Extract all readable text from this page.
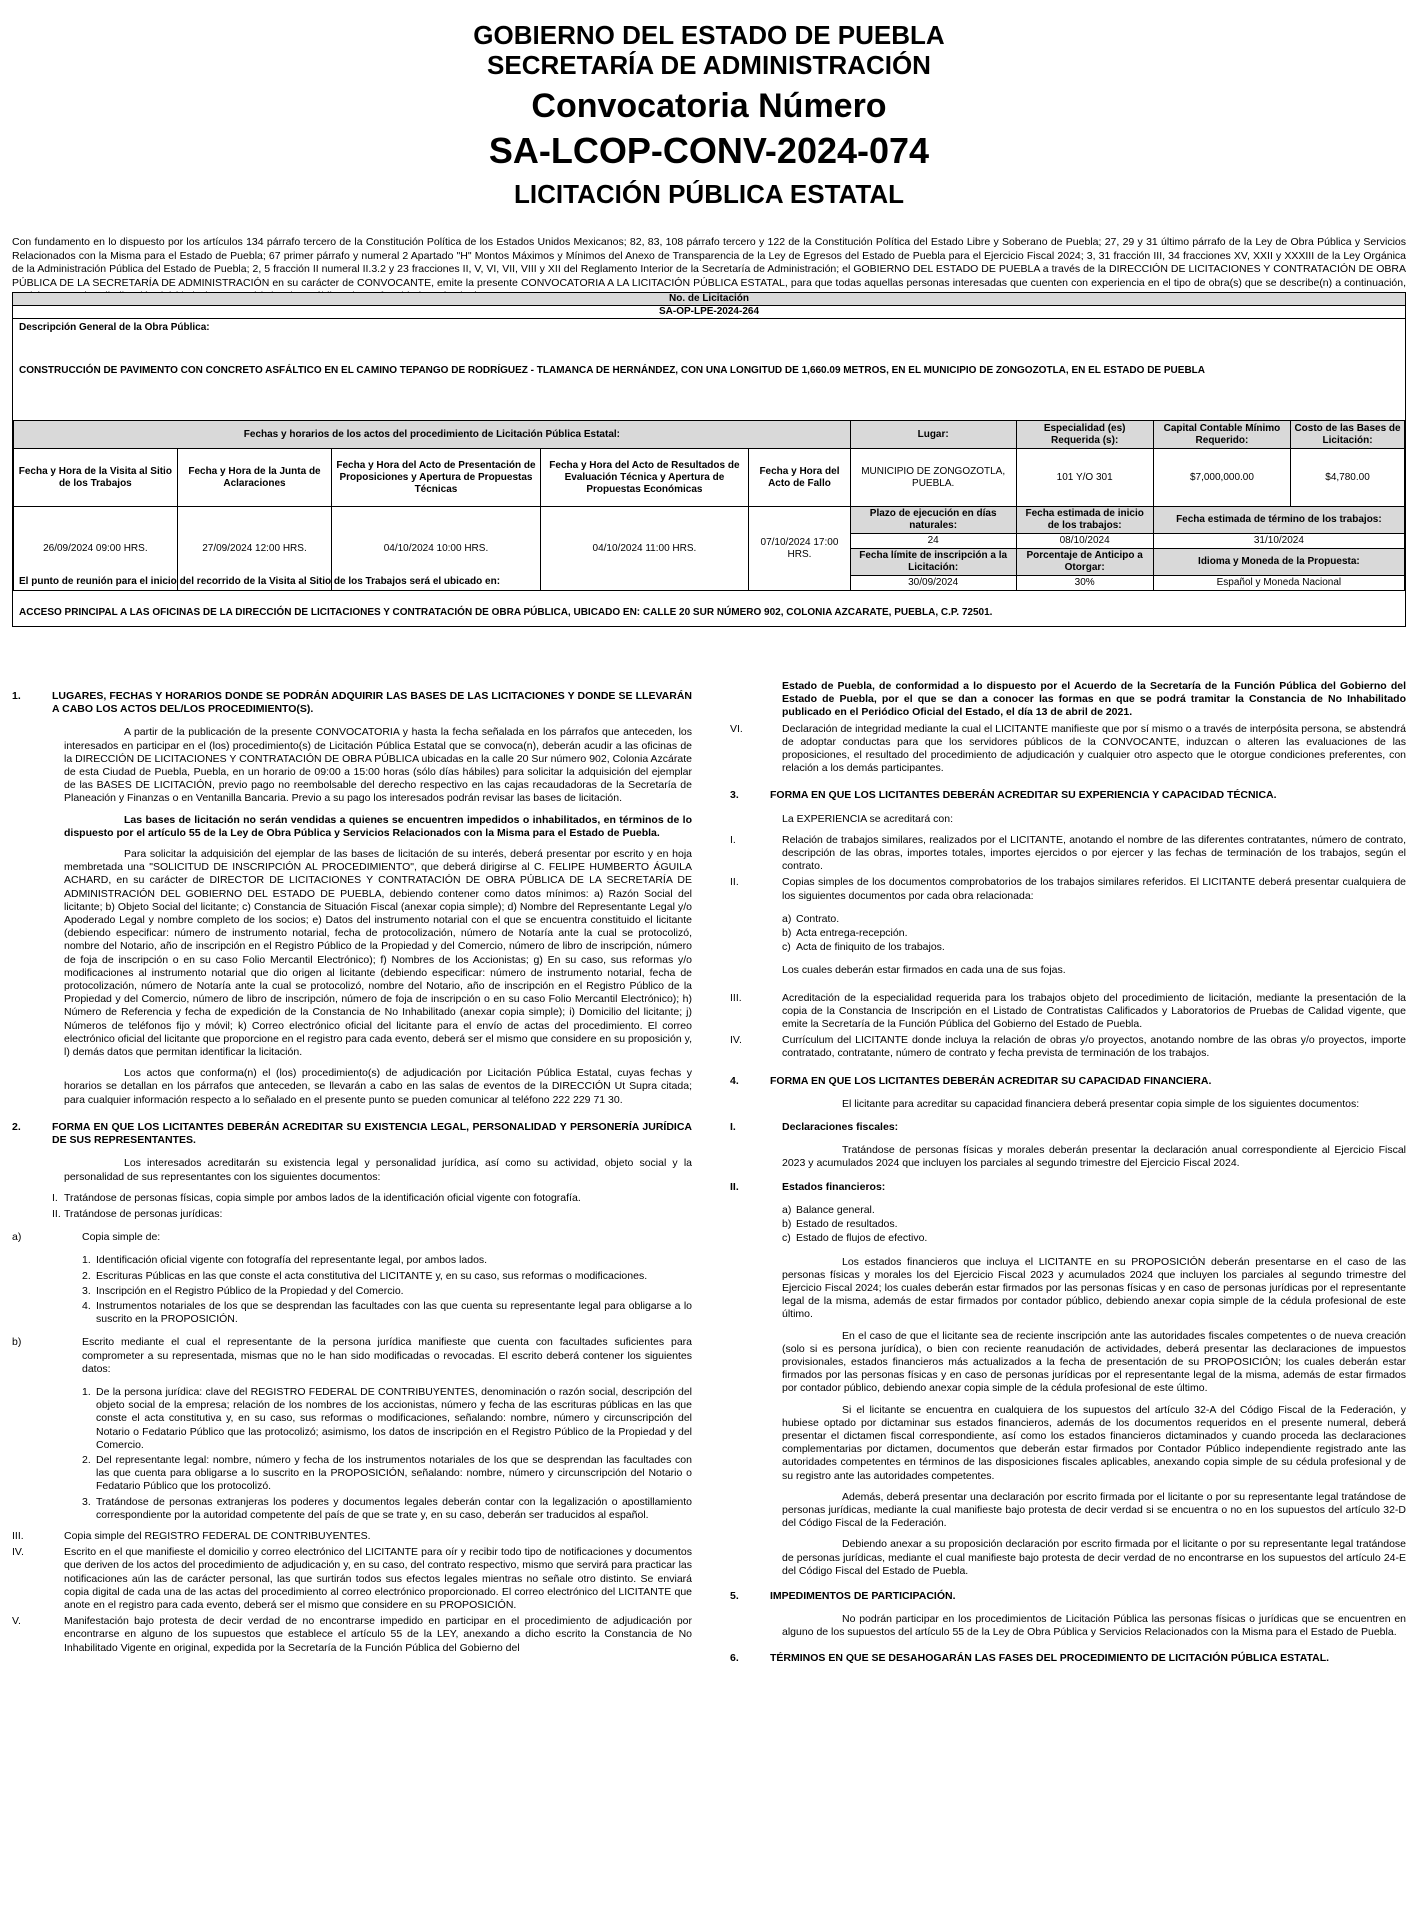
GOBIERNO DEL ESTADO DE PUEBLA
SECRETARÍA DE ADMINISTRACIÓN
Convocatoria Número
SA-LCOP-CONV-2024-074
LICITACIÓN PÚBLICA ESTATAL
Con fundamento en lo dispuesto por los artículos 134 párrafo tercero de la Constitución Política de los Estados Unidos Mexicanos; 82, 83, 108 párrafo tercero y 122 de la Constitución Política del Estado Libre y Soberano de Puebla; 27, 29 y 31 último párrafo de la Ley de Obra Pública y Servicios Relacionados con la Misma para el Estado de Puebla; 67 primer párrafo y numeral 2 Apartado "H" Montos Máximos y Mínimos del Anexo de Transparencia de la Ley de Egresos del Estado de Puebla para el Ejercicio Fiscal 2024; 3, 31 fracción III, 34 fracciones XV, XXII y XXXIII de la Ley Orgánica de la Administración Pública del Estado de Puebla; 2, 5 fracción II numeral II.3.2 y 23 fracciones II, V, VI, VII, VIII y XII del Reglamento Interior de la Secretaría de Administración; el GOBIERNO DEL ESTADO DE PUEBLA a través de la DIRECCIÓN DE LICITACIONES Y CONTRATACIÓN DE OBRA PÚBLICA DE LA SECRETARÍA DE ADMINISTRACIÓN en su carácter de CONVOCANTE, emite la presente CONVOCATORIA A LA LICITACIÓN PÚBLICA ESTATAL, para que todas aquellas personas interesadas que cuenten con experiencia en el tipo de obra(s) que se describe(n) a continuación,
No. de Licitación
SA-OP-LPE-2024-264
Descripción General de la Obra Pública:
CONSTRUCCIÓN DE PAVIMENTO CON CONCRETO ASFÁLTICO EN EL CAMINO TEPANGO DE RODRÍGUEZ - TLAMANCA DE HERNÁNDEZ, CON UNA LONGITUD DE 1,660.09 METROS, EN EL MUNICIPIO DE ZONGOZOTLA, EN EL ESTADO DE PUEBLA
Fechas y horarios de los actos del procedimiento de Licitación Pública Estatal:					Lugar:	Especialidad (es) Requerida (s):	Capital Contable Mínimo Requerido:	Costo de las Bases de Licitación:
Fecha y Hora de la Visita al Sitio de los Trabajos	Fecha y Hora de la Junta de Aclaraciones	Fecha y Hora del Acto de Presentación de Proposiciones y Apertura de Propuestas Técnicas	Fecha y Hora del Acto de Resultados de Evaluación Técnica y Apertura de Propuestas Económicas	Fecha y Hora del Acto de Fallo	MUNICIPIO DE ZONGOZOTLA, PUEBLA.	101 Y/O 301	$7,000,000.00	$4,780.00
26/09/2024 09:00 HRS.	27/09/2024 12:00 HRS.	04/10/2024 10:00 HRS.	04/10/2024 11:00 HRS.	07/10/2024 17:00 HRS.	Plazo de ejecución en días naturales:	Fecha estimada de inicio de los trabajos:	Fecha estimada de término de los trabajos:	
					24	08/10/2024	31/10/2024	
					Fecha límite de inscripción a la Licitación:	Porcentaje de Anticipo a Otorgar:	Idioma y Moneda de la Propuesta:	
					30/09/2024	30%	Español y Moneda Nacional	
El punto de reunión para el inicio del recorrido de la Visita al Sitio de los Trabajos será el ubicado en:
ACCESO PRINCIPAL A LAS OFICINAS DE LA DIRECCIÓN DE LICITACIONES Y CONTRATACIÓN DE OBRA PÚBLICA, UBICADO EN: CALLE 20 SUR NÚMERO 902, COLONIA AZCARATE, PUEBLA, C.P. 72501.
1.	LUGARES, FECHAS Y HORARIOS DONDE SE PODRÁN ADQUIRIR LAS BASES DE LAS LICITACIONES Y DONDE SE LLEVARÁN A CABO LOS ACTOS DEL/LOS PROCEDIMIENTO(S).

A partir de la publicación de la presente CONVOCATORIA y hasta la fecha señalada en los párrafos que anteceden, los interesados en participar en el (los) procedimiento(s) de Licitación Pública Estatal que se convoca(n), deberán acudir a las oficinas de la DIRECCIÓN DE LICITACIONES Y CONTRATACIÓN DE OBRA PÚBLICA ubicadas en la calle 20 Sur número 902, Colonia Azcárate de esta Ciudad de Puebla, Puebla, en un horario de 09:00 a 15:00 horas (sólo días hábiles) para solicitar la adquisición del ejemplar de las BASES DE LICITACIÓN, previo pago no reembolsable del derecho respectivo en las cajas recaudadoras de la Secretaría de Planeación y Finanzas o en Ventanilla Bancaria. Previo a su pago los interesados podrán revisar las bases de licitación.

Las bases de licitación no serán vendidas a quienes se encuentren impedidos o inhabilitados, en términos de lo dispuesto por el artículo 55 de la Ley de Obra Pública y Servicios Relacionados con la Misma para el Estado de Puebla.

Para solicitar la adquisición del ejemplar de las bases de licitación de su interés, deberá presentar por escrito y en hoja membretada una "SOLICITUD DE INSCRIPCIÓN AL PROCEDIMIENTO", que deberá dirigirse al C. FELIPE HUMBERTO ÁGUILA ACHARD, en su carácter de DIRECTOR DE LICITACIONES Y CONTRATACIÓN DE OBRA PÚBLICA DE LA SECRETARÍA DE ADMINISTRACIÓN DEL GOBIERNO DEL ESTADO DE PUEBLA, debiendo contener como datos mínimos: a) Razón Social del licitante; b) Objeto Social del licitante; c) Constancia de Situación Fiscal (anexar copia simple); d) Nombre del Representante Legal y/o Apoderado Legal y nombre completo de los socios; e) Datos del instrumento notarial con el que se encuentra constituido el licitante (debiendo especificar: número de instrumento notarial, fecha de protocolización, número de Notaría ante la cual se protocolizó, nombre del Notario, año de inscripción en el Registro Público de la Propiedad y del Comercio, número de libro de inscripción, número de foja de inscripción o en su caso Folio Mercantil Electrónico); f) Nombres de los Accionistas; g) En su caso, sus reformas y/o modificaciones al instrumento notarial que dio origen al licitante (debiendo especificar: número de instrumento notarial, fecha de protocolización, número de Notaría ante la cual se protocolizó, nombre del Notario, año de inscripción en el Registro Público de la Propiedad y del Comercio, número de libro de inscripción, número de foja de inscripción o en su caso Folio Mercantil Electrónico); h) Número de Referencia y fecha de expedición de la Constancia de No Inhabilitado (anexar copia simple); i) Domicilio del licitante; j) Números de teléfonos fijo y móvil; k) Correo electrónico oficial del licitante para el envío de actas del procedimiento. El correo electrónico oficial del licitante que proporcione en el registro para cada evento, deberá ser el mismo que considere en su proposición y, l) demás datos que permitan identificar la licitación.

Los actos que conforma(n) el (los) procedimiento(s) de adjudicación por Licitación Pública Estatal, cuyas fechas y horarios se detallan en los párrafos que anteceden, se llevarán a cabo en las salas de eventos de la DIRECCIÓN Ut Supra citada; para cualquier información respecto a lo señalado en el presente punto se pueden comunicar al teléfono 222 229 71 30.

2.	FORMA EN QUE LOS LICITANTES DEBERÁN ACREDITAR SU EXISTENCIA LEGAL, PERSONALIDAD Y PERSONERÍA JURÍDICA DE SUS REPRESENTANTES.

Los interesados acreditarán su existencia legal y personalidad jurídica, así como su actividad, objeto social y la personalidad de sus representantes con los siguientes documentos:

I. Tratándose de personas físicas, copia simple por ambos lados de la identificación oficial vigente con fotografía.
II. Tratándose de personas jurídicas:
a)	Copia simple de:
1. Identificación oficial vigente con fotografía del representante legal, por ambos lados.
2. Escrituras Públicas en las que conste el acta constitutiva del LICITANTE y, en su caso, sus reformas o modificaciones.
3. Inscripción en el Registro Público de la Propiedad y del Comercio.
4. Instrumentos notariales de los que se desprendan las facultades con las que cuenta su representante legal para obligarse a lo suscrito en la PROPOSICIÓN.
b)	Escrito mediante el cual el representante de la persona jurídica manifieste que cuenta con facultades suficientes para comprometer a su representada, mismas que no le han sido modificadas o revocadas. El escrito deberá contener los siguientes datos:
1. De la persona jurídica: clave del REGISTRO FEDERAL DE CONTRIBUYENTES, denominación o razón social, descripción del objeto social de la empresa; relación de los nombres de los accionistas, número y fecha de las escrituras públicas en las que conste el acta constitutiva y, en su caso, sus reformas o modificaciones, señalando: nombre, número y circunscripción del Notario o Fedatario Público que las protocolizó; asimismo, los datos de inscripción en el Registro Público de la Propiedad y del Comercio.
2. Del representante legal: nombre, número y fecha de los instrumentos notariales de los que se desprendan las facultades con las que cuenta para obligarse a lo suscrito en la PROPOSICIÓN, señalando: nombre, número y circunscripción del Notario o Fedatario Público que los protocolizó.
3. Tratándose de personas extranjeras los poderes y documentos legales deberán contar con la legalización o apostillamiento correspondiente por la autoridad competente del país de que se trate y, en su caso, deberán ser traducidos al español.
III.	Copia simple del REGISTRO FEDERAL DE CONTRIBUYENTES.
IV.	Escrito en el que manifieste el domicilio y correo electrónico del LICITANTE para oír y recibir todo tipo de notificaciones y documentos que deriven de los actos del procedimiento de adjudicación y, en su caso, del contrato respectivo, mismo que servirá para practicar las notificaciones aún las de carácter personal, las que surtirán todos sus efectos legales mientras no señale otro distinto. Se enviará copia digital de cada una de las actas del procedimiento al correo electrónico proporcionado. El correo electrónico del LICITANTE que anote en el registro para cada evento, deberá ser el mismo que considere en su PROPOSICIÓN.
V.	Manifestación bajo protesta de decir verdad de no encontrarse impedido en participar en el procedimiento de adjudicación por encontrarse en alguno de los supuestos que establece el artículo 55 de la LEY, anexando a dicho escrito la Constancia de No Inhabilitado Vigente en original, expedida por la Secretaría de la Función Pública del Gobierno del

Estado de Puebla, de conformidad a lo dispuesto por el Acuerdo de la Secretaría de la Función Pública del Gobierno del Estado de Puebla, por el que se dan a conocer las formas en que se podrá tramitar la Constancia de No Inhabilitado publicado en el Periódico Oficial del Estado, el día 13 de abril de 2021.

VI.	Declaración de integridad mediante la cual el LICITANTE manifieste que por sí mismo o a través de interpósita persona, se abstendrá de adoptar conductas para que los servidores públicos de la CONVOCANTE, induzcan o alteren las evaluaciones de las proposiciones, el resultado del procedimiento de adjudicación y cualquier otro aspecto que le otorgue condiciones preferentes, con relación a los demás participantes.
3.	FORMA EN QUE LOS LICITANTES DEBERÁN ACREDITAR SU EXPERIENCIA Y CAPACIDAD TÉCNICA.

La EXPERIENCIA se acreditará con:

I.	Relación de trabajos similares, realizados por el LICITANTE, anotando el nombre de las diferentes contratantes, número de contrato, descripción de las obras, importes totales, importes ejercidos o por ejercer y las fechas de terminación de los trabajos, según el contrato.
II.	Copias simples de los documentos comprobatorios de los trabajos similares referidos. El LICITANTE deberá presentar cualquiera de los siguientes documentos por cada obra relacionada:
a) Contrato.
b) Acta entrega-recepción.
c) Acta de finiquito de los trabajos.

Los cuales deberán estar firmados en cada una de sus fojas.

III.	Acreditación de la especialidad requerida para los trabajos objeto del procedimiento de licitación, mediante la presentación de la copia de la Constancia de Inscripción en el Listado de Contratistas Calificados y Laboratorios de Pruebas de Calidad vigente, que emite la Secretaría de la Función Pública del Gobierno del Estado de Puebla.
IV.	Currículum del LICITANTE donde incluya la relación de obras y/o proyectos, anotando nombre de las obras y/o proyectos, importe contratado, contratante, número de contrato y fecha prevista de terminación de los trabajos.
4.	FORMA EN QUE LOS LICITANTES DEBERÁN ACREDITAR SU CAPACIDAD FINANCIERA.

El licitante para acreditar su capacidad financiera deberá presentar copia simple de los siguientes documentos:

I.	Declaraciones fiscales:

Tratándose de personas físicas y morales deberán presentar la declaración anual correspondiente al Ejercicio Fiscal 2023 y acumulados 2024 que incluyen los parciales al segundo trimestre del Ejercicio Fiscal 2024.

II.	Estados financieros:
a) Balance general.
b) Estado de resultados.
c) Estado de flujos de efectivo.

Los estados financieros que incluya el LICITANTE en su PROPOSICIÓN deberán presentarse en el caso de las personas físicas y morales los del Ejercicio Fiscal 2023 y acumulados 2024 que incluyen los parciales al segundo trimestre del Ejercicio Fiscal 2024; los cuales deberán estar firmados por las personas físicas y en caso de personas jurídicas por el representante legal de la misma, además de estar firmados por contador público, debiendo anexar copia simple de la cédula profesional de este último.

En el caso de que el licitante sea de reciente inscripción ante las autoridades fiscales competentes o de nueva creación (solo si es persona jurídica), o bien con reciente reanudación de actividades, deberá presentar las declaraciones de impuestos provisionales, estados financieros más actualizados a la fecha de presentación de su PROPOSICIÓN; los cuales deberán estar firmados por las personas físicas y en caso de personas jurídicas por el representante legal de la misma, además de estar firmados por contador público, debiendo anexar copia simple de la cédula profesional de este último.

Si el licitante se encuentra en cualquiera de los supuestos del artículo 32-A del Código Fiscal de la Federación, y hubiese optado por dictaminar sus estados financieros, además de los documentos requeridos en el presente numeral, deberá presentar el dictamen fiscal correspondiente, así como los estados financieros dictaminados y cuando proceda las declaraciones complementarias por dictamen, documentos que deberán estar firmados por Contador Público independiente registrado ante las autoridades competentes en términos de las disposiciones fiscales aplicables, anexando copia simple de su cédula profesional y de su registro ante las autoridades competentes.

Además, deberá presentar una declaración por escrito firmada por el licitante o por su representante legal tratándose de personas jurídicas, mediante la cual manifieste bajo protesta de decir verdad si se encuentra o no en los supuestos del artículo 32-D del Código Fiscal de la Federación.

Debiendo anexar a su proposición declaración por escrito firmada por el licitante o por su representante legal tratándose de personas jurídicas, mediante el cual manifieste bajo protesta de decir verdad de no encontrarse en los supuestos del artículo 24-E del Código Fiscal del Estado de Puebla.

5.	IMPEDIMENTOS DE PARTICIPACIÓN.

No podrán participar en los procedimientos de Licitación Pública las personas físicas o jurídicas que se encuentren en alguno de los supuestos del artículo 55 de la Ley de Obra Pública y Servicios Relacionados con la Misma para el Estado de Puebla.

6.	TÉRMINOS EN QUE SE DESAHOGARÁN LAS FASES DEL PROCEDIMIENTO DE LICITACIÓN PÚBLICA ESTATAL.
